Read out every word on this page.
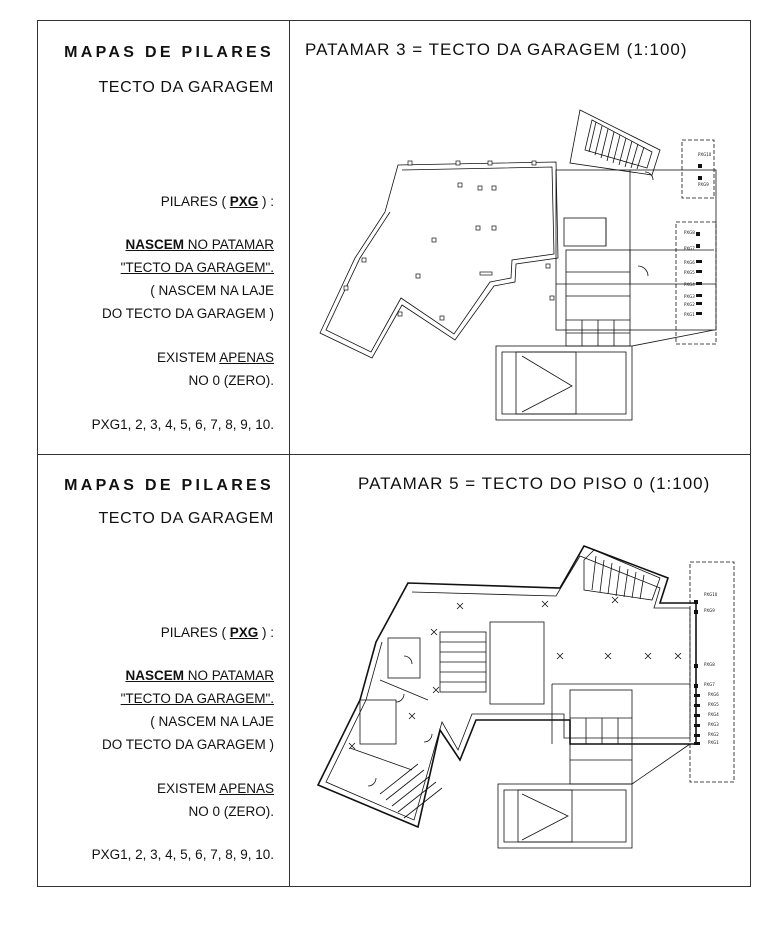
MAPAS DE PILARES
TECTO DA GARAGEM
PILARES ( PXG ) :
NASCEM NO PATAMAR
"TECTO DA GARAGEM".
( NASCEM NA LAJE
DO TECTO DA GARAGEM )
EXISTEM APENAS
NO 0 (ZERO).
PXG1, 2, 3, 4, 5, 6, 7, 8, 9, 10.
MAPAS DE PILARES
TECTO DA GARAGEM
PILARES ( PXG ) :
NASCEM NO PATAMAR
"TECTO DA GARAGEM".
( NASCEM NA LAJE
DO TECTO DA GARAGEM )
EXISTEM APENAS
NO 0 (ZERO).
PXG1, 2, 3, 4, 5, 6, 7, 8, 9, 10.
PATAMAR 3 = TECTO DA GARAGEM (1:100)
PATAMAR 5 = TECTO DO PISO 0 (1:100)
PXG10
PXG9
PXG8
PXG7
PXG6
PXG5
PXG4
PXG3
PXG2
PXG1
PXG10
PXG9
PXG8
PXG7
PXG6
PXG5
PXG4
PXG3
PXG2
PXG1
